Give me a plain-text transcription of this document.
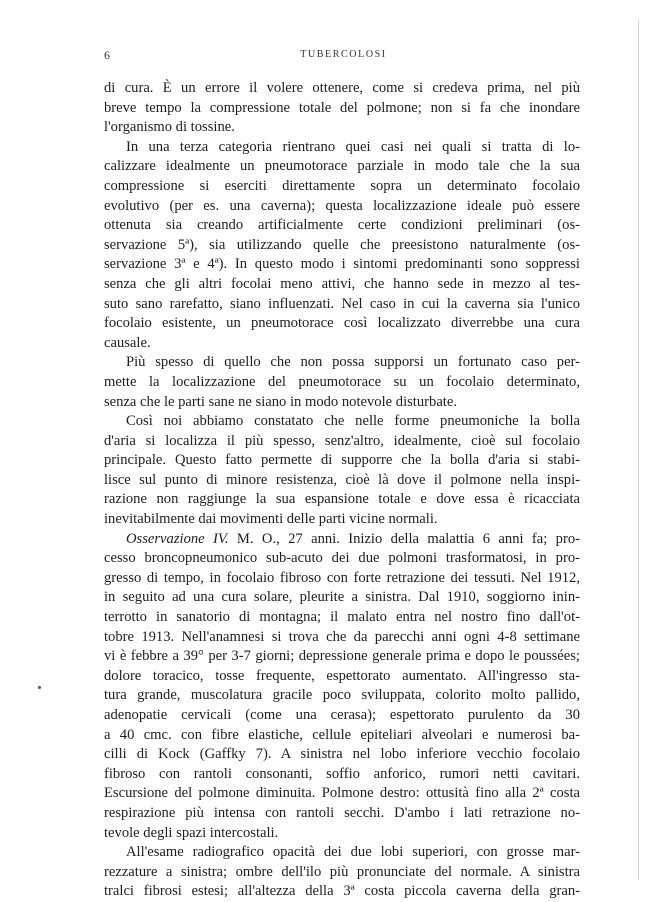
6	TUBERCOLOSI
di cura. È un errore il volere ottenere, come si credeva prima, nel più
breve tempo la compressione totale del polmone; non si fa che inondare
l'organismo di tossine.
In una terza categoria rientrano quei casi nei quali si tratta di lo-
calizzare idealmente un pneumotorace parziale in modo tale che la sua
compressione si eserciti direttamente sopra un determinato focolaio
evolutivo (per es. una caverna); questa localizzazione ideale può essere
ottenuta sia creando artificialmente certe condizioni preliminari (os-
servazione 5ª), sia utilizzando quelle che preesistono naturalmente (os-
servazione 3ª e 4ª). In questo modo i sintomi predominanti sono soppressi
senza che gli altri focolai meno attivi, che hanno sede in mezzo al tes-
suto sano rarefatto, siano influenzati. Nel caso in cui la caverna sia l'unico
focolaio esistente, un pneumotorace così localizzato diverrebbe una cura
causale.
Più spesso di quello che non possa supporsi un fortunato caso per-
mette la localizzazione del pneumotorace su un focolaio determinato,
senza che le parti sane ne siano in modo notevole disturbate.
Così noi abbiamo constatato che nelle forme pneumoniche la bolla
d'aria si localizza il più spesso, senz'altro, idealmente, cioè sul focolaio
principale. Questo fatto permette di supporre che la bolla d'aria si stabi-
lisce sul punto di minore resistenza, cioè là dove il polmone nella inspi-
razione non raggiunge la sua espansione totale e dove essa è ricacciata
inevitabilmente dai movimenti delle parti vicine normali.
Osservazione IV. M. O., 27 anni. Inizio della malattia 6 anni fa; pro-
cesso broncopneumonico sub-acuto dei due polmoni trasformatosi, in pro-
gresso di tempo, in focolaio fibroso con forte retrazione dei tessuti. Nel 1912,
in seguito ad una cura solare, pleurite a sinistra. Dal 1910, soggiorno inin-
terrotto in sanatorio di montagna; il malato entra nel nostro fino dall'ot-
tobre 1913. Nell'anamnesi si trova che da parecchi anni ogni 4-8 settimane
vi è febbre a 39° per 3-7 giorni; depressione generale prima e dopo le poussées;
dolore toracico, tosse frequente, espettorato aumentato. All'ingresso sta-
tura grande, muscolatura gracile poco sviluppata, colorito molto pallido,
adenopatie cervicali (come una cerasa); espettorato purulento da 30
a 40 cmc. con fibre elastiche, cellule epiteliari alveolari e numerosi ba-
cilli di Kock (Gaffky 7). A sinistra nel lobo inferiore vecchio focolaio
fibroso con rantoli consonanti, soffio anforico, rumori netti cavitari.
Escursione del polmone diminuita. Polmone destro: ottusità fino alla 2ª costa
respirazione più intensa con rantoli secchi. D'ambo i lati retrazione no-
tevole degli spazi intercostali.
All'esame radiografico opacità dei due lobi superiori, con grosse mar-
rezzature a sinistra; ombre dell'ilo più pronunciate del normale. A sinistra
tralci fibrosi estesi; all'altezza della 3ª costa piccola caverna della gran-
